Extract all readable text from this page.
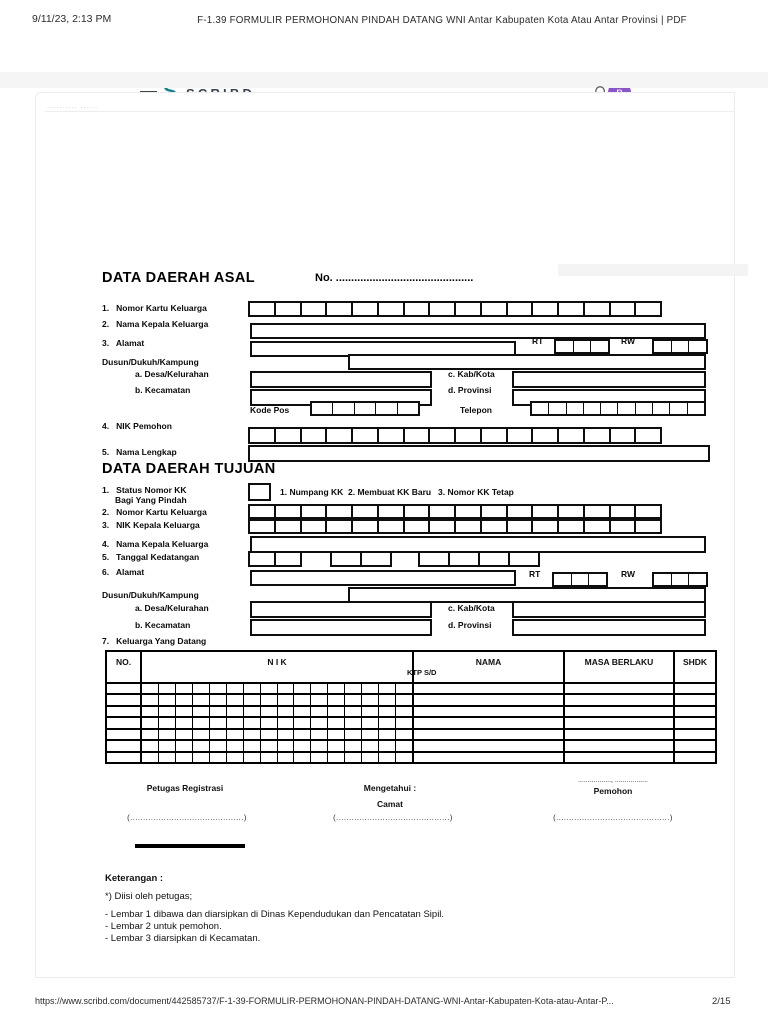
9/11/23, 2:13 PM	F-1.39 FORMULIR PERMOHONAN PINDAH DATANG WNI Antar Kabupaten Kota Atau Antar Provinsi | PDF
.......... ......
DATA DAERAH ASAL	No. .............................................
1.   Nomor Kartu Keluarga
2.   Nama Kepala Keluarga
3.   Alamat	RT	RW
Dusun/Dukuh/Kampung
a. Desa/Kelurahan	c. Kab/Kota
b. Kecamatan	d. Provinsi
Kode Pos	Telepon
4.   NIK Pemohon
5.   Nama Lengkap
DATA DAERAH TUJUAN
1.   Status Nomor KK
Bagi Yang Pindah
1. Numpang KK  2. Membuat KK Baru 3. Nomor KK Tetap
2.   Nomor Kartu Keluarga
3.   NIK Kepala Keluarga
4.   Nama Kepala Keluarga
5.   Tanggal Kedatangan
6.   Alamat	RT	RW
Dusun/Dukuh/Kampung
a. Desa/Kelurahan	c. Kab/Kota
b. Kecamatan	d. Provinsi
7.   Keluarga Yang Datang
NO.	N I K	NAMA	MASA BERLAKU	SHDK
KTP S/D
Petugas Registrasi	Mengetahui :
Camat
................., .................
Pemohon
(............................................)	(............................................)	(............................................)
Keterangan :
*) Diisi oleh petugas;
- Lembar 1 dibawa dan diarsipkan di Dinas Kependudukan dan Pencatatan Sipil.
- Lembar 2 untuk pemohon.
- Lembar 3 diarsipkan di Kecamatan.
https://www.scribd.com/document/442585737/F-1-39-FORMULIR-PERMOHONAN-PINDAH-DATANG-WNI-Antar-Kabupaten-Kota-atau-Antar-P...	2/15
